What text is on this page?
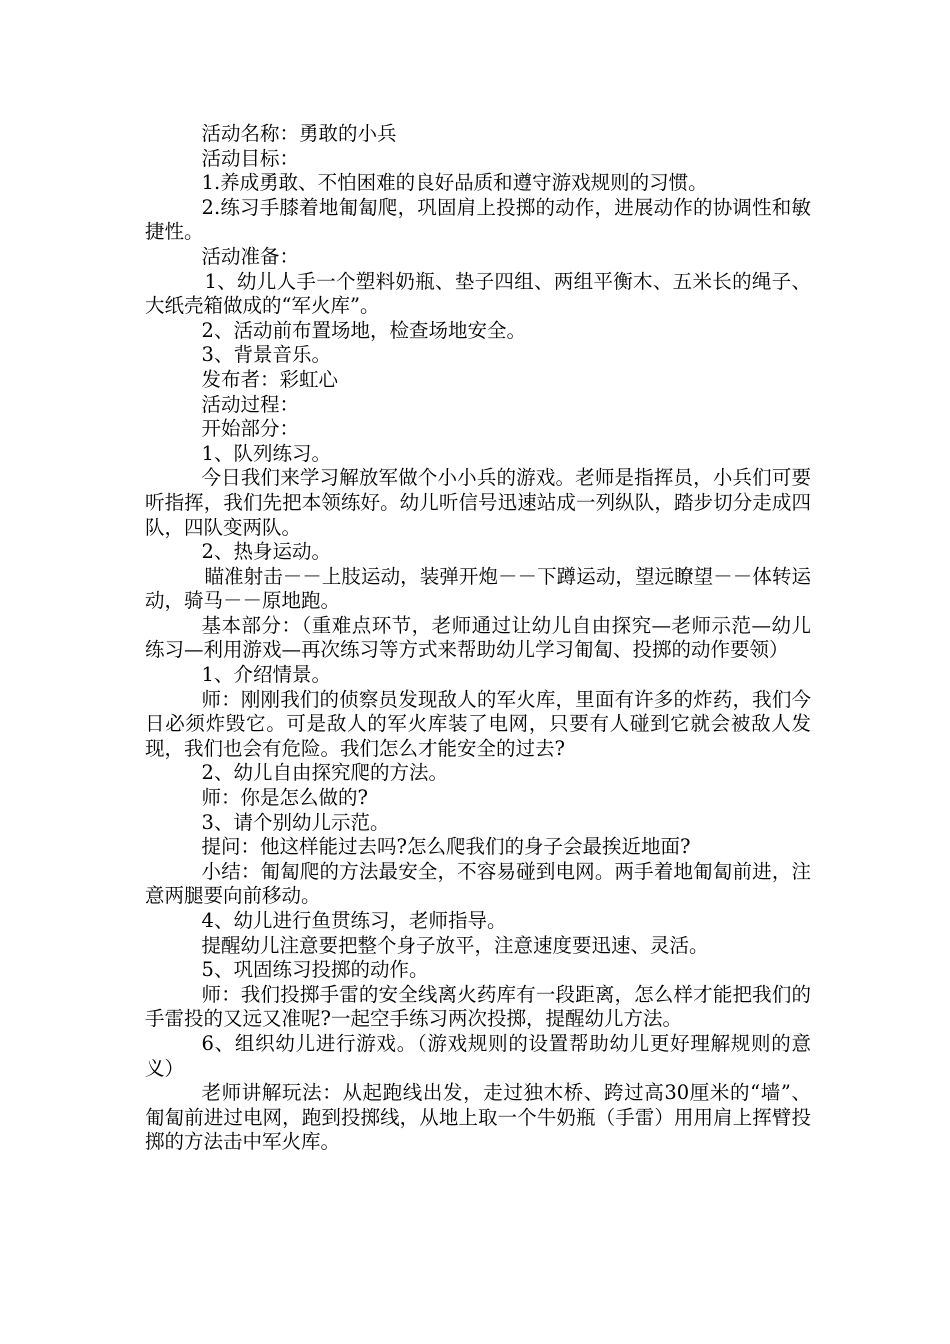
活动名称：勇敢的小兵

活动目标：

1.养成勇敢、不怕困难的良好品质和遵守游戏规则的习惯。

2.练习手膝着地匍匐爬，巩固肩上投掷的动作，进展动作的协调性和敏捷性。

活动准备：

1、幼儿人手一个塑料奶瓶、垫子四组、两组平衡木、五米长的绳子、大纸壳箱做成的“军火库”。

2、活动前布置场地，检查场地安全。

3、背景音乐。

发布者：彩虹心

活动过程：

开始部分：

1、队列练习。

今日我们来学习解放军做个小小兵的游戏。老师是指挥员，小兵们可要听指挥，我们先把本领练好。幼儿听信号迅速站成一列纵队，踏步切分走成四队，四队变两队。

2、热身运动。

瞄准射击－－上肢运动，装弹开炮－－下蹲运动，望远瞭望－－体转运动，骑马－－原地跑。

基本部分：（重难点环节，老师通过让幼儿自由探究—老师示范—幼儿练习—利用游戏—再次练习等方式来帮助幼儿学习匍匐、投掷的动作要领）

1、介绍情景。

师：刚刚我们的侦察员发现敌人的军火库，里面有许多的炸药，我们今日必须炸毁它。可是敌人的军火库装了电网，只要有人碰到它就会被敌人发现，我们也会有危险。我们怎么才能安全的过去?

2、幼儿自由探究爬的方法。

师：你是怎么做的?

3、请个别幼儿示范。

提问：他这样能过去吗?怎么爬我们的身子会最挨近地面?

小结：匍匐爬的方法最安全，不容易碰到电网。两手着地匍匐前进，注意两腿要向前移动。

4、幼儿进行鱼贯练习，老师指导。

提醒幼儿注意要把整个身子放平，注意速度要迅速、灵活。

5、巩固练习投掷的动作。

师：我们投掷手雷的安全线离火药库有一段距离，怎么样才能把我们的手雷投的又远又准呢?一起空手练习两次投掷，提醒幼儿方法。

6、组织幼儿进行游戏。（游戏规则的设置帮助幼儿更好理解规则的意义）

老师讲解玩法：从起跑线出发，走过独木桥、跨过高30厘米的“墙”、匍匐前进过电网，跑到投掷线，从地上取一个牛奶瓶（手雷）用用肩上挥臂投掷的方法击中军火库。
